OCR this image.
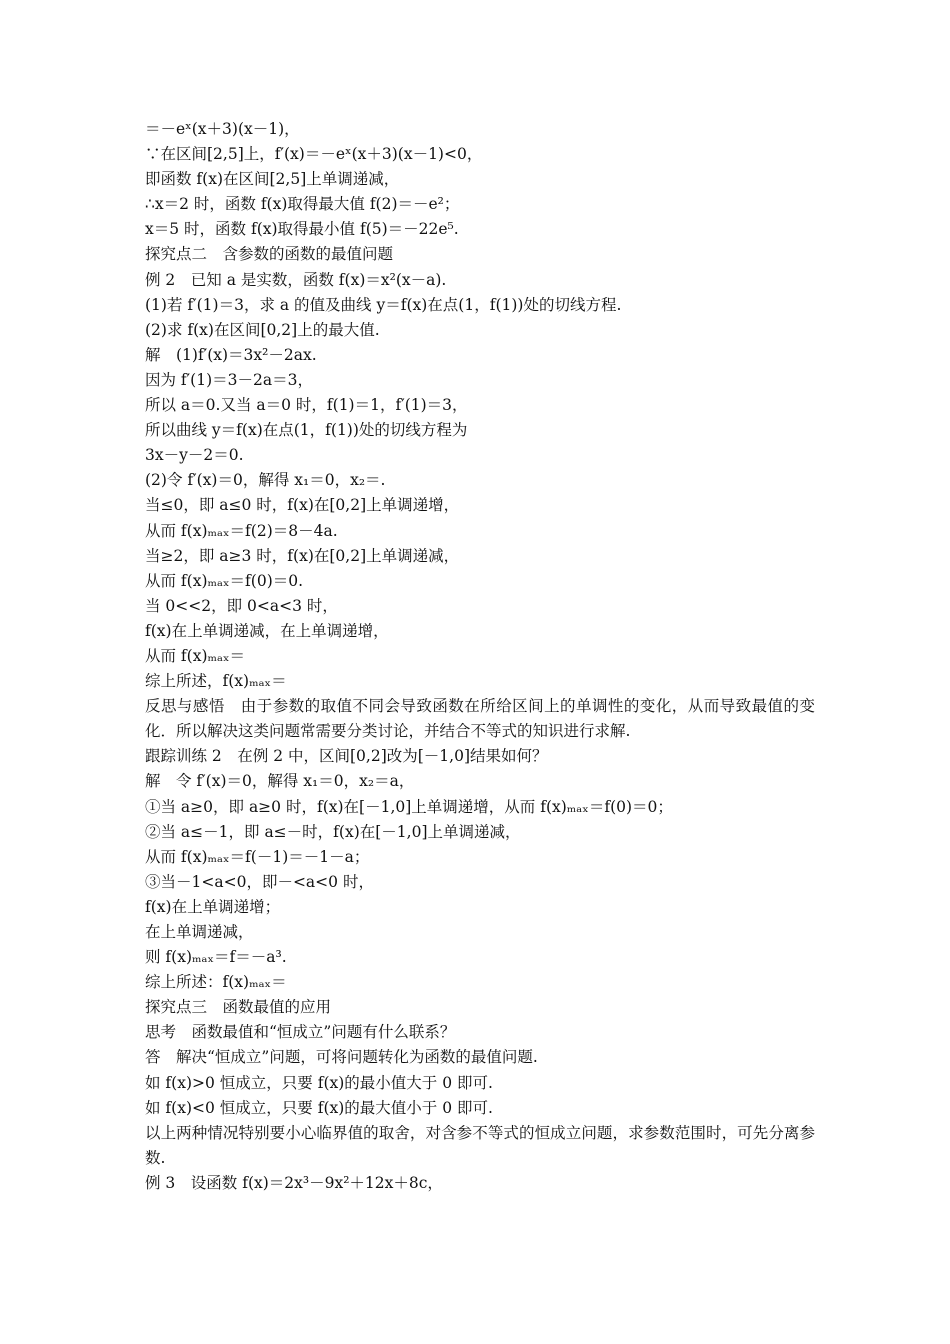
＝－eˣ(x＋3)(x－1)，
∵在区间[2,5]上，f′(x)＝－eˣ(x＋3)(x－1)<0，
即函数 f(x)在区间[2,5]上单调递减，
∴x＝2 时，函数 f(x)取得最大值 f(2)＝－e²；
x＝5 时，函数 f(x)取得最小值 f(5)＝－22e⁵.
探究点二　含参数的函数的最值问题
例 2　已知 a 是实数，函数 f(x)＝x²(x－a).
(1)若 f′(1)＝3，求 a 的值及曲线 y＝f(x)在点(1，f(1))处的切线方程.
(2)求 f(x)在区间[0,2]上的最大值.
解　(1)f′(x)＝3x²－2ax.
因为 f′(1)＝3－2a＝3，
所以 a＝0.又当 a＝0 时，f(1)＝1，f′(1)＝3，
所以曲线 y＝f(x)在点(1，f(1))处的切线方程为
3x－y－2＝0.
(2)令 f′(x)＝0，解得 x₁＝0，x₂＝.
当≤0，即 a≤0 时，f(x)在[0,2]上单调递增，
从而 f(x)ₘₐₓ＝f(2)＝8－4a.
当≥2，即 a≥3 时，f(x)在[0,2]上单调递减，
从而 f(x)ₘₐₓ＝f(0)＝0.
当 0<<2，即 0<a<3 时，
f(x)在上单调递减，在上单调递增，
从而 f(x)ₘₐₓ＝
综上所述，f(x)ₘₐₓ＝
反思与感悟　由于参数的取值不同会导致函数在所给区间上的单调性的变化，从而导致最值的变化．所以解决这类问题常需要分类讨论，并结合不等式的知识进行求解.
跟踪训练 2　在例 2 中，区间[0,2]改为[－1,0]结果如何？
解　令 f′(x)＝0，解得 x₁＝0，x₂＝a，
①当 a≥0，即 a≥0 时，f(x)在[－1,0]上单调递增，从而 f(x)ₘₐₓ＝f(0)＝0；
②当 a≤－1，即 a≤－时，f(x)在[－1,0]上单调递减，
从而 f(x)ₘₐₓ＝f(－1)＝－1－a；
③当－1<a<0，即－<a<0 时，
f(x)在上单调递增；
在上单调递减，
则 f(x)ₘₐₓ＝f＝－a³.
综上所述：f(x)ₘₐₓ＝
探究点三　函数最值的应用
思考　函数最值和“恒成立”问题有什么联系？
答　解决“恒成立”问题，可将问题转化为函数的最值问题.
如 f(x)>0 恒成立，只要 f(x)的最小值大于 0 即可.
如 f(x)<0 恒成立，只要 f(x)的最大值小于 0 即可.
以上两种情况特别要小心临界值的取舍，对含参不等式的恒成立问题，求参数范围时，可先分离参数.
例 3　设函数 f(x)＝2x³－9x²＋12x＋8c，
